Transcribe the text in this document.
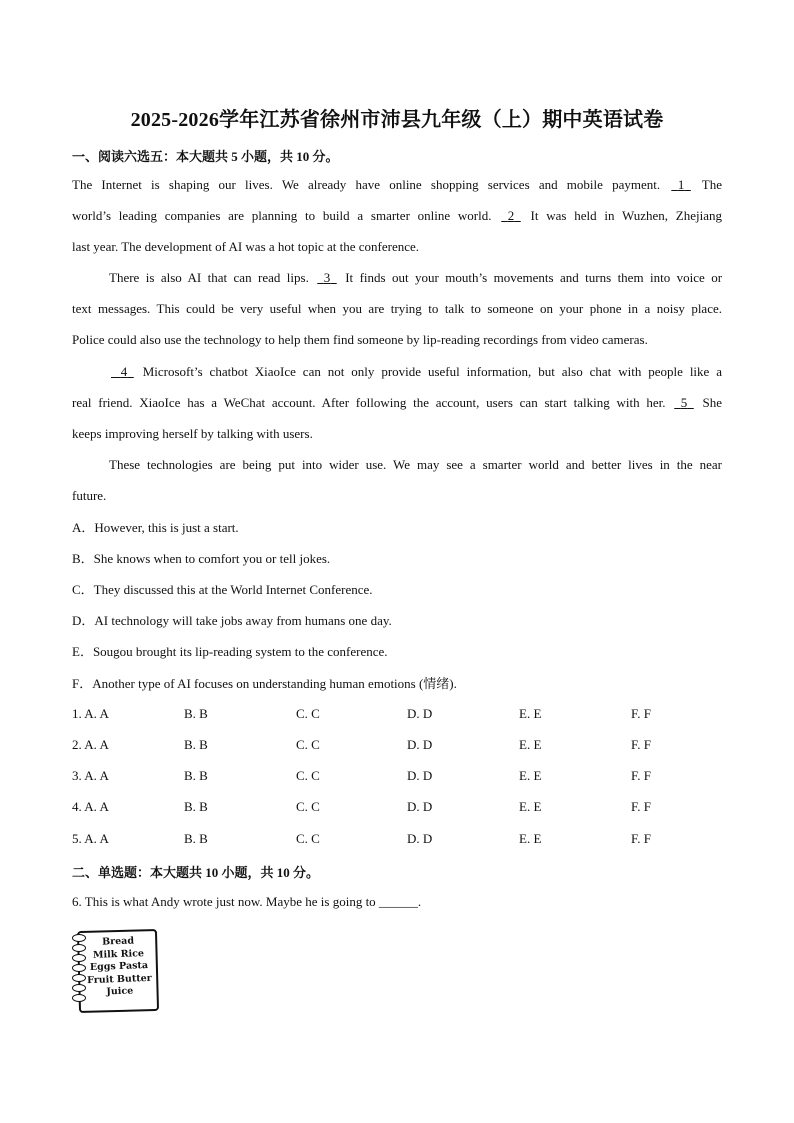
2025-2026学年江苏省徐州市沛县九年级（上）期中英语试卷
一、阅读六选五：本大题共 5 小题，共 10 分。
The Internet is shaping our lives. We already have online shopping services and mobile payment. 1 The
world’s leading companies are planning to build a smarter online world. 2 It was held in Wuzhen, Zhejiang
last year. The development of AI was a hot topic at the conference.
There is also AI that can read lips. 3 It finds out your mouth’s movements and turns them into voice or
text messages. This could be very useful when you are trying to talk to someone on your phone in a noisy place.
Police could also use the technology to help them find someone by lip-reading recordings from video cameras.
4 Microsoft’s chatbot XiaoIce can not only provide useful information, but also chat with people like a
real friend. XiaoIce has a WeChat account. After following the account, users can start talking with her. 5 She
keeps improving herself by talking with users.
These technologies are being put into wider use. We may see a smarter world and better lives in the near
future.
A．However, this is just a start.
B．She knows when to comfort you or tell jokes.
C．They discussed this at the World Internet Conference.
D．AI technology will take jobs away from humans one day.
E．Sougou brought its lip-reading system to the conference.
F．Another type of AI focuses on understanding human emotions (情绪).
1. A. A	B. B	C. C	D. D	E. E	F. F
2. A. A	B. B	C. C	D. D	E. E	F. F
3. A. A	B. B	C. C	D. D	E. E	F. F
4. A. A	B. B	C. C	D. D	E. E	F. F
5. A. A	B. B	C. C	D. D	E. E	F. F
二、单选题：本大题共 10 小题，共 10 分。
6. This is what Andy wrote just now. Maybe he is going to ______.
Bread
Milk Rice
Eggs Pasta
Fruit Butter
Juice
